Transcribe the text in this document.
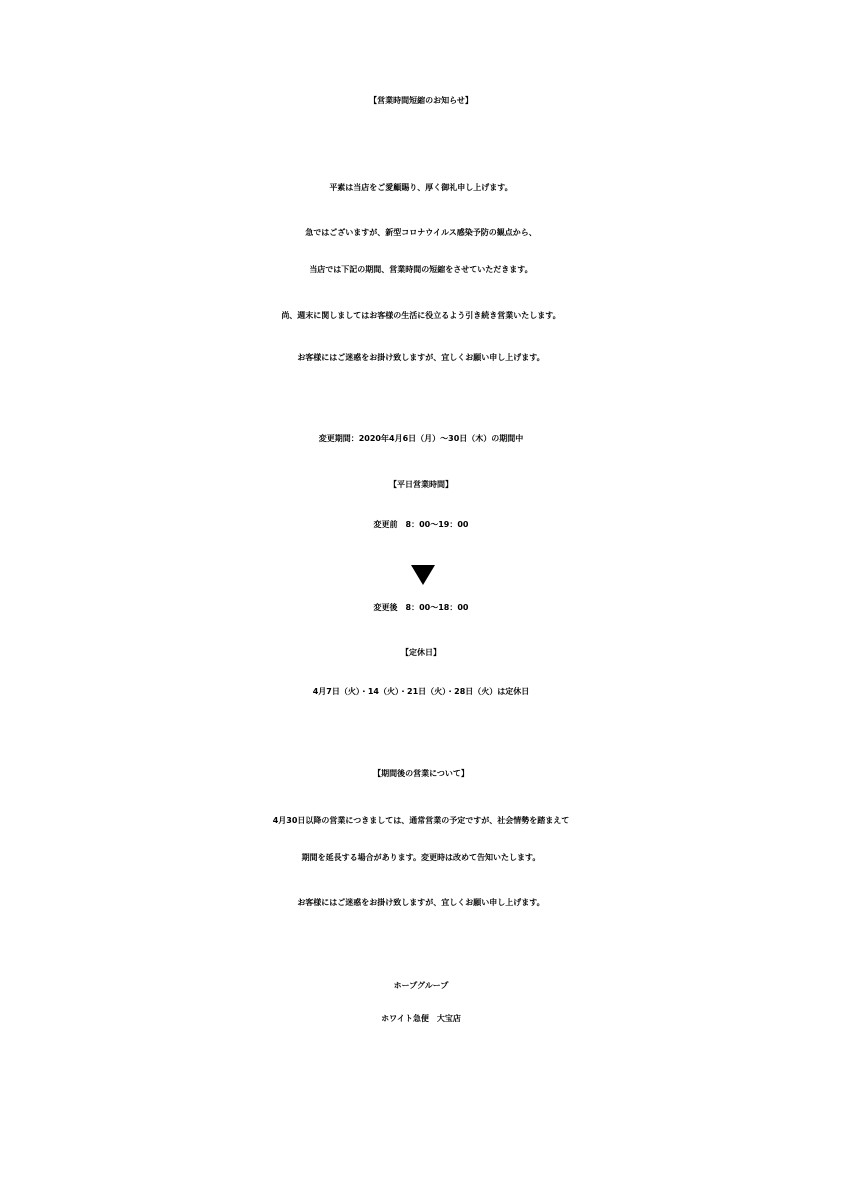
【営業時間短縮のお知らせ】
平素は当店をご愛顧賜り、厚く御礼申し上げます。
急ではございますが、新型コロナウイルス感染予防の観点から、
当店では下記の期間、営業時間の短縮をさせていただきます。
尚、週末に関しましてはお客様の生活に役立るよう引き続き営業いたします。
お客様にはご迷惑をお掛け致しますが、宜しくお願い申し上げます。
変更期間：2020年4月6日（月）～30日（木）の期間中
【平日営業時間】
変更前　8：00～19：00
変更後　8：00～18：00
【定休日】
4月7日（火）・14（火）・21日（火）・28日（火）は定休日
【期間後の営業について】
4月30日以降の営業につきましては、通常営業の予定ですが、社会情勢を踏まえて
期間を延長する場合があります。変更時は改めて告知いたします。
お客様にはご迷惑をお掛け致しますが、宜しくお願い申し上げます。
ホープグループ
ホワイト急便　大宝店
